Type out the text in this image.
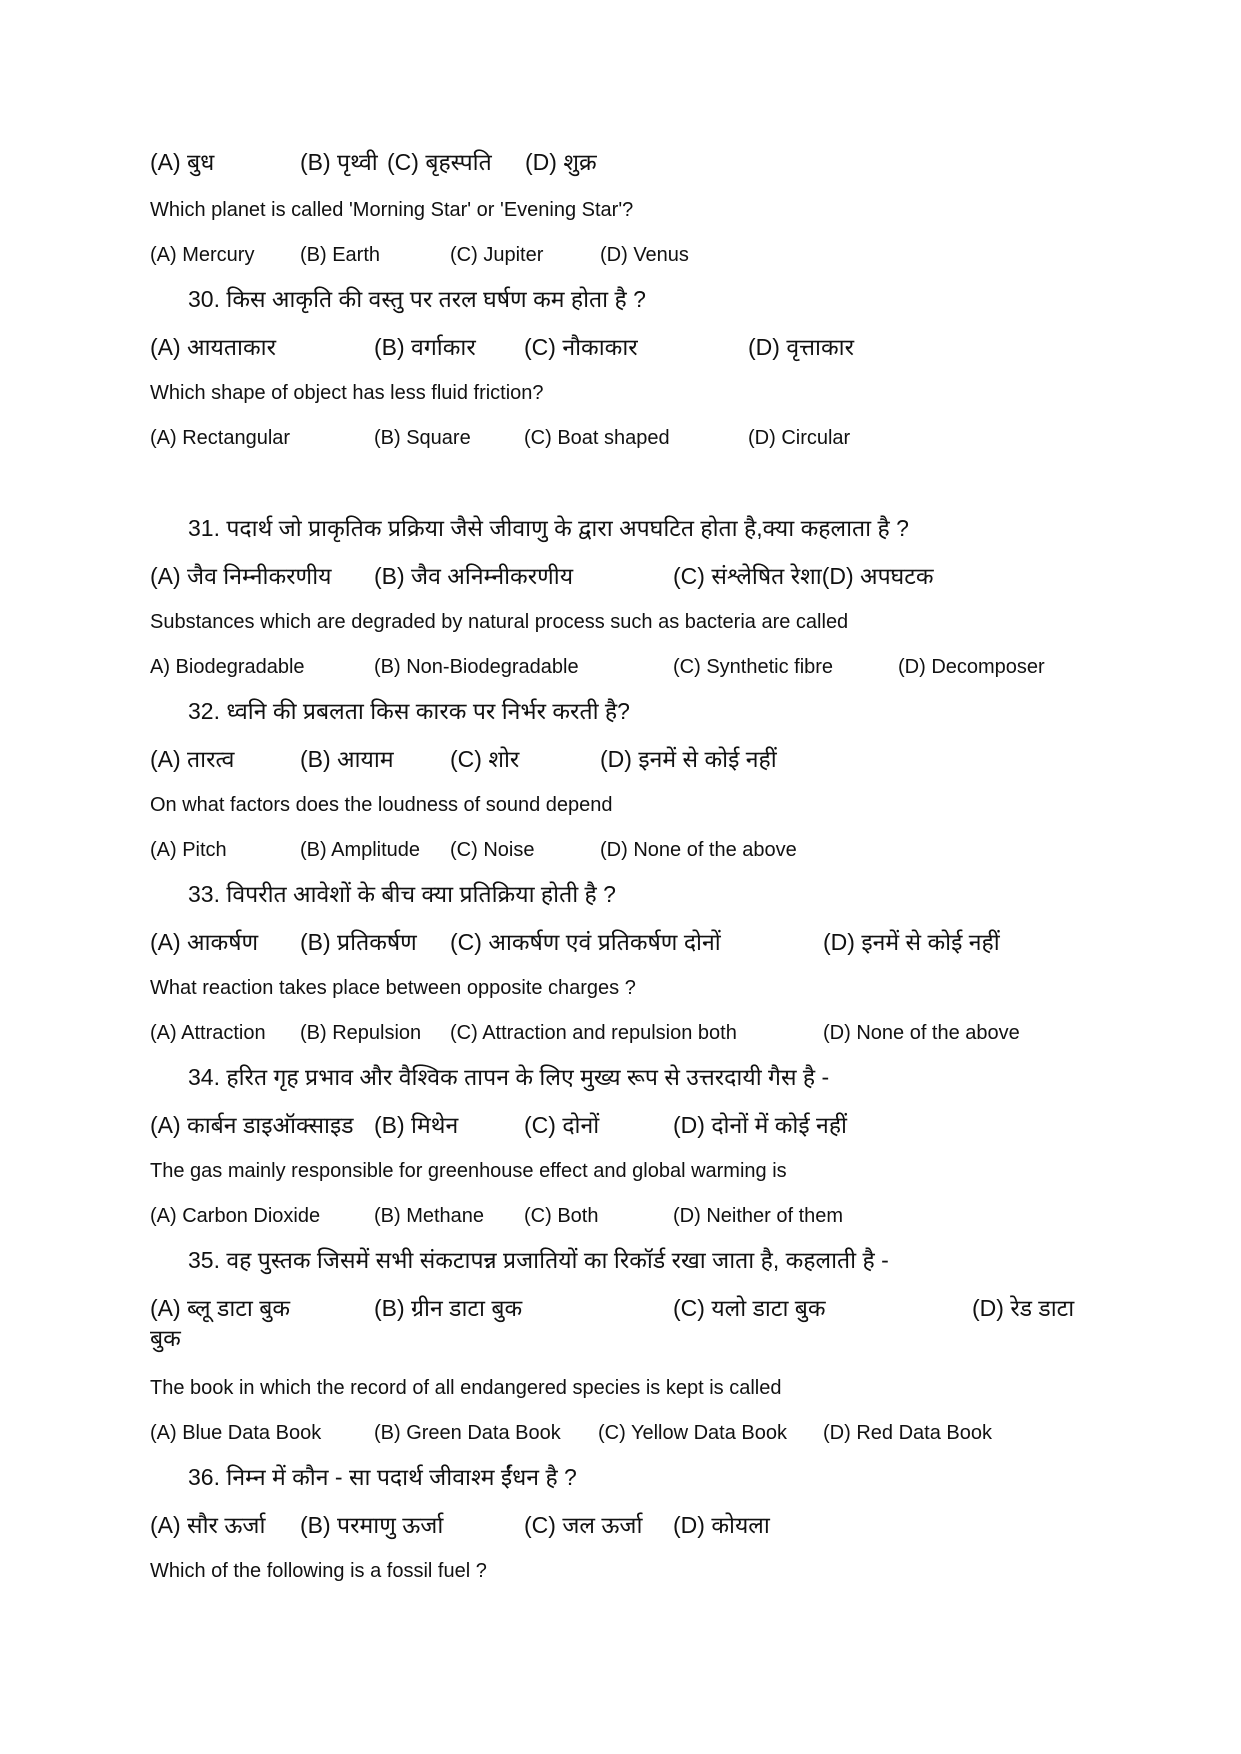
(A) बुध	(B) पृथ्वी (C) बृहस्पति (D) शुक्र
Which planet is called 'Morning Star' or 'Evening Star'?
(A) Mercury (B) Earth	(C) Jupiter	(D) Venus
30. किस आकृति की वस्तु पर तरल घर्षण कम होता है ?
(A) आयताकार	(B) वर्गाकार (C) नौकाकार	(D) वृत्ताकार
Which shape of object has less fluid friction?
(A) Rectangular	(B) Square	(C) Boat shaped	(D) Circular
31. पदार्थ जो प्राकृतिक प्रक्रिया जैसे जीवाणु के द्वारा अपघटित होता है,क्या कहलाता है ?
(A) जैव निम्नीकरणीय (B) जैव अनिम्नीकरणीय	(C) संश्लेषित रेशा(D) अपघटक
Substances which are degraded by natural process such as bacteria are called
A) Biodegradable	(B) Non-Biodegradable	(C) Synthetic fibre	(D) Decomposer
32. ध्वनि की प्रबलता किस कारक पर निर्भर करती है?
(A) तारत्व	(B) आयाम (C) शोर	(D) इनमें से कोई नहीं
On what factors does the loudness of sound depend
(A) Pitch	(B) Amplitude (C) Noise	(D) None of the above
33. विपरीत आवेशों के बीच क्या प्रतिक्रिया होती है ?
(A) आकर्षण (B) प्रतिकर्षण (C) आकर्षण एवं प्रतिकर्षण दोनों	(D) इनमें से कोई नहीं
What reaction takes place between opposite charges ?
(A) Attraction (B) Repulsion (C) Attraction and repulsion both	(D) None of the above
34. हरित गृह प्रभाव और वैश्विक तापन के लिए मुख्य रूप से उत्तरदायी गैस है -
(A) कार्बन डाइऑक्साइड (B) मिथेन	(C) दोनों	(D) दोनों में कोई नहीं
The gas mainly responsible for greenhouse effect and global warming is
(A) Carbon Dioxide	(B) Methane (C) Both	(D) Neither of them
35. वह पुस्तक जिसमें सभी संकटापन्न प्रजातियों का रिकॉर्ड रखा जाता है, कहलाती है -
(A) ब्लू डाटा बुक	(B) ग्रीन डाटा बुक	(C) यलो डाटा बुक	(D) रेड डाटा
बुक
The book in which the record of all endangered species is kept is called
(A) Blue Data Book	(B) Green Data Book (C) Yellow Data Book (D) Red Data Book
36. निम्न में कौन - सा पदार्थ जीवाश्म ईंधन है ?
(A) सौर ऊर्जा (B) परमाणु ऊर्जा	(C) जल ऊर्जा (D) कोयला
Which of the following is a fossil fuel ?
